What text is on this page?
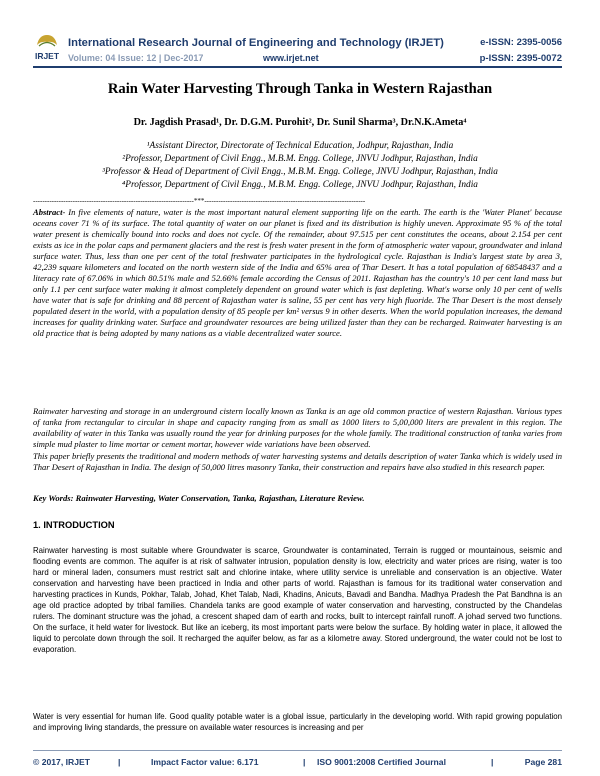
IRJET
International Research Journal of Engineering and Technology (IRJET)	e-ISSN: 2395-0056
Volume: 04 Issue: 12 | Dec-2017	www.irjet.net	p-ISSN: 2395-0072
Rain Water Harvesting Through Tanka in Western Rajasthan
Dr. Jagdish Prasad¹, Dr. D.G.M. Purohit², Dr. Sunil Sharma³, Dr.N.K.Ameta⁴
¹Assistant Director, Directorate of Technical Education, Jodhpur, Rajasthan, India
²Professor, Department of Civil Engg., M.B.M. Engg. College, JNVU Jodhpur, Rajasthan, India
³Professor & Head of Department of Civil Engg., M.B.M. Engg. College, JNVU Jodhpur, Rajasthan, India
⁴Professor, Department of Civil Engg., M.B.M. Engg. College, JNVU Jodhpur, Rajasthan, India
---------------------------------------------------------------------***---------------------------------------------------------------------
Abstract- In five elements of nature, water is the most important natural element supporting life on the earth. The earth is the 'Water Planet' because oceans cover 71 % of its surface. The total quantity of water on our planet is fixed and its distribution is highly uneven. Approximate 95 % of the total water present is chemically bound into rocks and does not cycle. Of the remainder, about 97.515 per cent constitutes the oceans, about 2.154 per cent exists as ice in the polar caps and permanent glaciers and the rest is fresh water present in the form of atmospheric water vapour, groundwater and inland surface water. Thus, less than one per cent of the total freshwater participates in the hydrological cycle. Rajasthan is India's largest state by area 3, 42,239 square kilometers and located on the north western side of the India and 65% area of Thar Desert. It has a total population of 68548437 and a literacy rate of 67.06% in which 80.51% male and 52.66% female according the Census of 2011. Rajasthan has the country's 10 per cent land mass but only 1.1 per cent surface water making it almost completely dependent on ground water which is fast depleting. What's worse only 10 per cent of wells have water that is safe for drinking and 88 percent of Rajasthan water is saline, 55 per cent has very high fluoride. The Thar Desert is the most densely populated desert in the world, with a population density of 85 people per km² versus 9 in other deserts. When the world population increases, the demand increases for quality drinking water. Surface and groundwater resources are being utilized faster than they can be recharged. Rainwater harvesting is an old practice that is being adopted by many nations as a viable decentralized water source.
Rainwater harvesting and storage in an underground cistern locally known as Tanka is an age old common practice of western Rajasthan. Various types of tanka from rectangular to circular in shape and capacity ranging from as small as 1000 liters to 5,00,000 liters are prevalent in this region. The availability of water in this Tanka was usually round the year for drinking purposes for the whole family. The traditional construction of tanka varies from simple mud plaster to lime mortar or cement mortar, however wide variations have been observed.
This paper briefly presents the traditional and modern methods of water harvesting systems and details description of water Tanka which is widely used in Thar Desert of Rajasthan in India. The design of 50,000 litres masonry Tanka, their construction and repairs have also studied in this research paper.
Key Words: Rainwater Harvesting, Water Conservation, Tanka, Rajasthan, Literature Review.
1. INTRODUCTION
Rainwater harvesting is most suitable where Groundwater is scarce, Groundwater is contaminated, Terrain is rugged or mountainous, seismic and flooding events are common. The aquifer is at risk of saltwater intrusion, population density is low, electricity and water prices are rising, water is too hard or mineral laden, consumers must restrict salt and chlorine intake, where utility service is unreliable and conservation is an objective. Water conservation and harvesting have been practiced in India and other parts of world. Rajasthan is famous for its traditional water conservation and harvesting practices in Kunds, Pokhar, Talab, Johad, Khet Talab, Nadi, Khadins, Anicuts, Bavadi and Bandha. Madhya Pradesh the Pat Bandhna is an age old practice adopted by tribal families. Chandela tanks are good example of water conservation and harvesting, constructed by the Chandelas rulers. The dominant structure was the johad, a crescent shaped dam of earth and rocks, built to intercept rainfall runoff. A johad served two functions. On the surface, it held water for livestock. But like an iceberg, its most important parts were below the surface. By holding water in place, it allowed the liquid to percolate down through the soil. It recharged the aquifer below, as far as a kilometre away. Stored underground, the water could not be lost to evaporation.
Water is very essential for human life. Good quality potable water is a global issue, particularly in the developing world. With rapid growing population and improving living standards, the pressure on available water resources is increasing and per
© 2017, IRJET	|	Impact Factor value: 6.171	| ISO 9001:2008 Certified Journal	|	Page 281
